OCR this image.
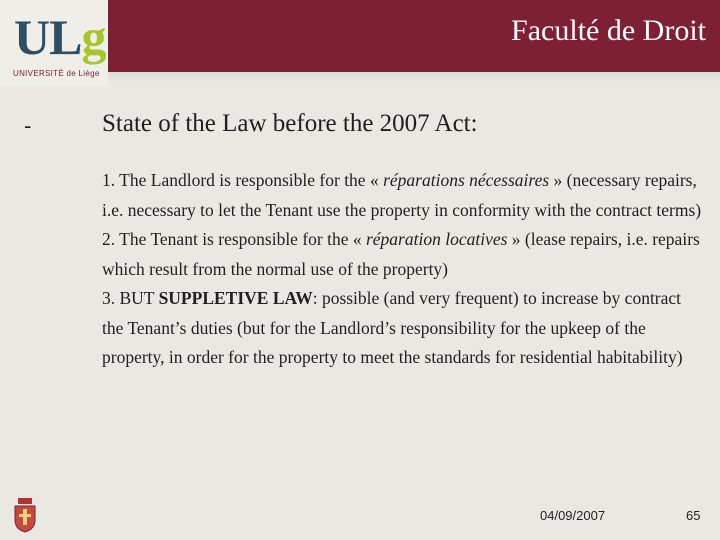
ULg
UNIVERSITÉ de Liège
Faculté de Droit
-	State of the Law before the 2007 Act:

1. The Landlord is responsible for the « réparations nécessaires » (necessary repairs, i.e. necessary to let the Tenant use the property in conformity with the contract terms)

2. The Tenant is responsible for the « réparation locatives » (lease repairs, i.e. repairs which result from the normal use of the property)

3. BUT SUPPLETIVE LAW: possible (and very frequent) to increase by contract the Tenant’s duties (but for the Landlord’s responsibility for the upkeep of the property, in order for the property to meet the standards for residential habitability)

04/09/2007	65
